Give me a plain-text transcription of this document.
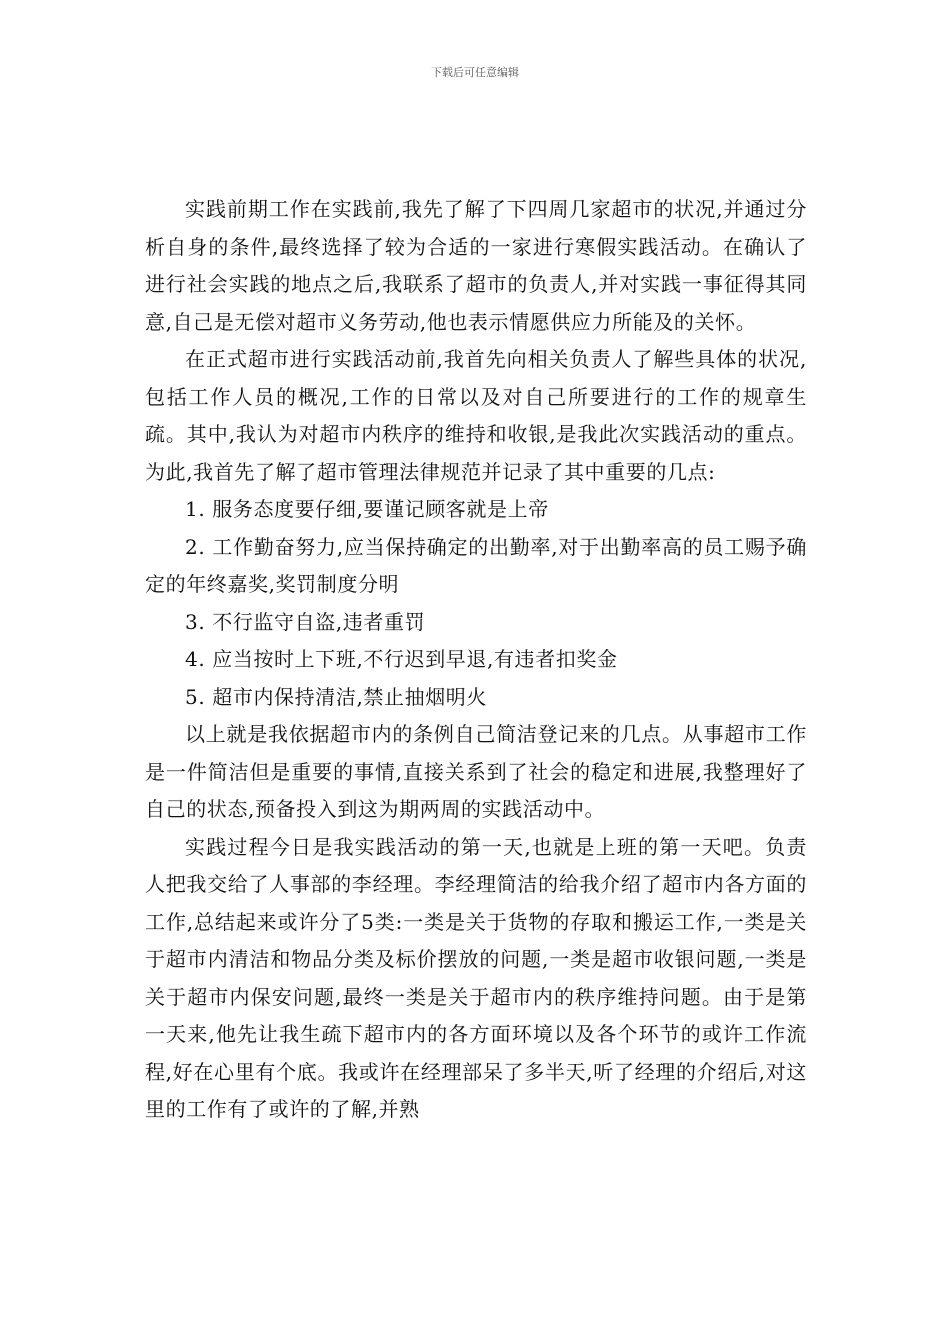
下载后可任意编辑

实践前期工作在实践前,我先了解了下四周几家超市的状况,并通过分析自身的条件,最终选择了较为合适的一家进行寒假实践活动。在确认了进行社会实践的地点之后,我联系了超市的负责人,并对实践一事征得其同意,自己是无偿对超市义务劳动,他也表示情愿供应力所能及的关怀。

在正式超市进行实践活动前,我首先向相关负责人了解些具体的状况,包括工作人员的概况,工作的日常以及对自己所要进行的工作的规章生疏。其中,我认为对超市内秩序的维持和收银,是我此次实践活动的重点。为此,我首先了解了超市管理法律规范并记录了其中重要的几点:

1. 服务态度要仔细,要谨记顾客就是上帝

2. 工作勤奋努力,应当保持确定的出勤率,对于出勤率高的员工赐予确定的年终嘉奖,奖罚制度分明

3. 不行监守自盗,违者重罚

4. 应当按时上下班,不行迟到早退,有违者扣奖金

5. 超市内保持清洁,禁止抽烟明火

以上就是我依据超市内的条例自己简洁登记来的几点。从事超市工作是一件简洁但是重要的事情,直接关系到了社会的稳定和进展,我整理好了自己的状态,预备投入到这为期两周的实践活动中。

实践过程今日是我实践活动的第一天,也就是上班的第一天吧。负责人把我交给了人事部的李经理。李经理简洁的给我介绍了超市内各方面的工作,总结起来或许分了5类:一类是关于货物的存取和搬运工作,一类是关于超市内清洁和物品分类及标价摆放的问题,一类是超市收银问题,一类是关于超市内保安问题,最终一类是关于超市内的秩序维持问题。由于是第一天来,他先让我生疏下超市内的各方面环境以及各个环节的或许工作流程,好在心里有个底。我或许在经理部呆了多半天,听了经理的介绍后,对这里的工作有了或许的了解,并熟
